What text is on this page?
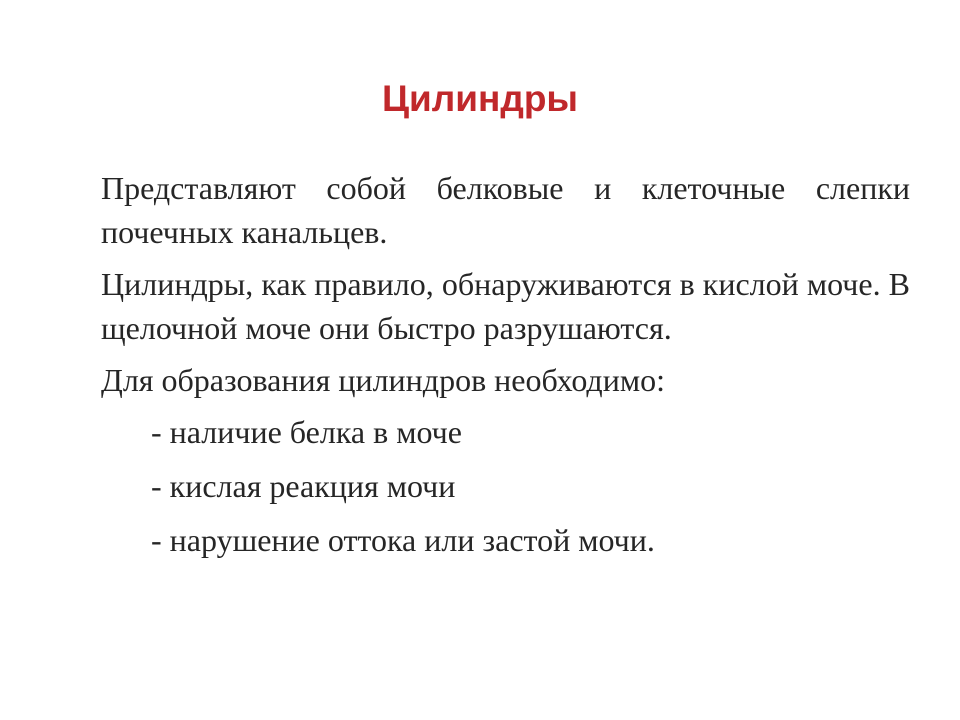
Цилиндры

Представляют собой белковые и клеточные слепки почечных канальцев.

Цилиндры, как правило, обнаруживаются в кислой моче. В щелочной моче они быстро разрушаются.

Для образования цилиндров необходимо:

- наличие белка в моче

- кислая реакция мочи

- нарушение оттока или застой мочи.
